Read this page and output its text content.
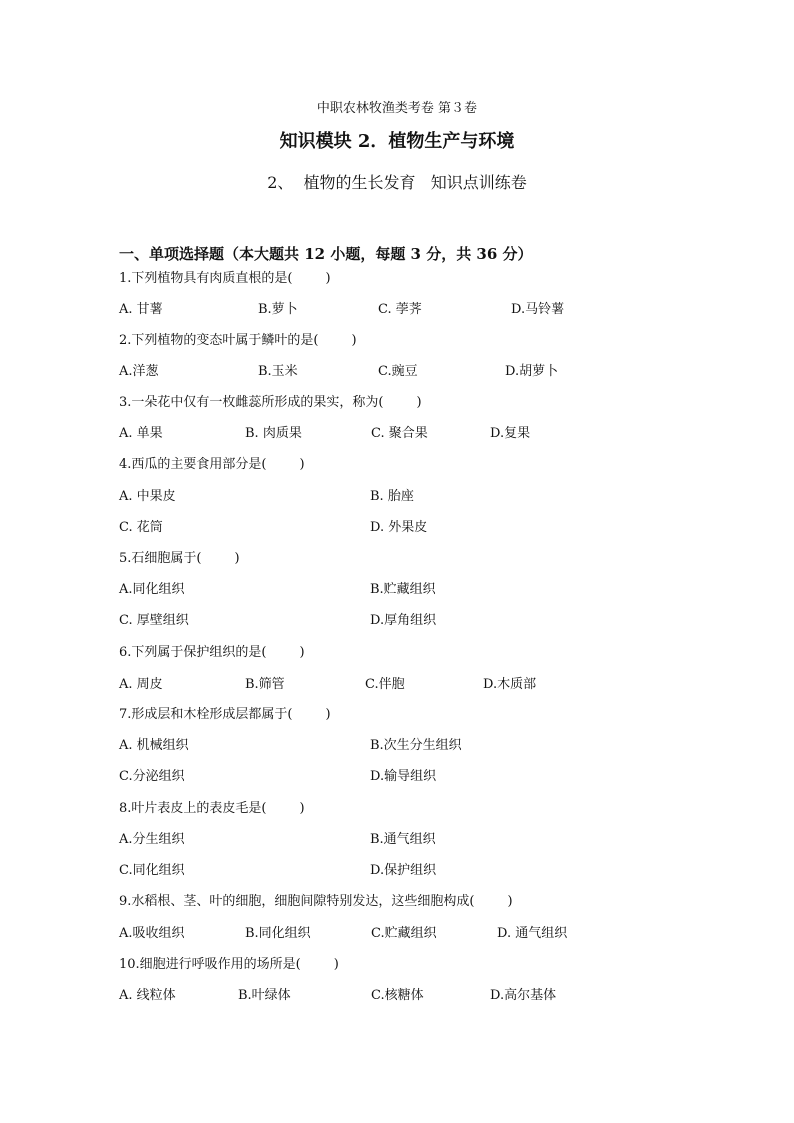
中职农林牧渔类考卷 第３卷
知识模块 2．植物生产与环境
2、  植物的生长发育   知识点训练卷
一、单项选择题（本大题共 12 小题，每题 3 分，共 36 分）
1.下列植物具有肉质直根的是(        )
A. 甘薯	B.萝卜	C. 荸荠	D.马铃薯
2.下列植物的变态叶属于鳞叶的是(        )
A.洋葱	B.玉米	C.豌豆	D.胡萝卜
3.一朵花中仅有一枚雌蕊所形成的果实，称为(        )
A. 单果	B. 肉质果	C. 聚合果	D.复果
4.西瓜的主要食用部分是(        )
A. 中果皮	B. 胎座
C. 花筒	D. 外果皮
5.石细胞属于(        )
A.同化组织	B.贮藏组织
C. 厚壁组织	D.厚角组织
6.下列属于保护组织的是(        )
A. 周皮	B.筛管	C.伴胞	D.木质部
7.形成层和木栓形成层都属于(        )
A. 机械组织	B.次生分生组织
C.分泌组织	D.输导组织
8.叶片表皮上的表皮毛是(        )
A.分生组织	B.通气组织
C.同化组织	D.保护组织
9.水稻根、茎、叶的细胞，细胞间隙特别发达，这些细胞构成(        )
A.吸收组织	B.同化组织	C.贮藏组织	D. 通气组织
10.细胞进行呼吸作用的场所是(        )
A. 线粒体	B.叶绿体	C.核糖体	D.高尔基体
